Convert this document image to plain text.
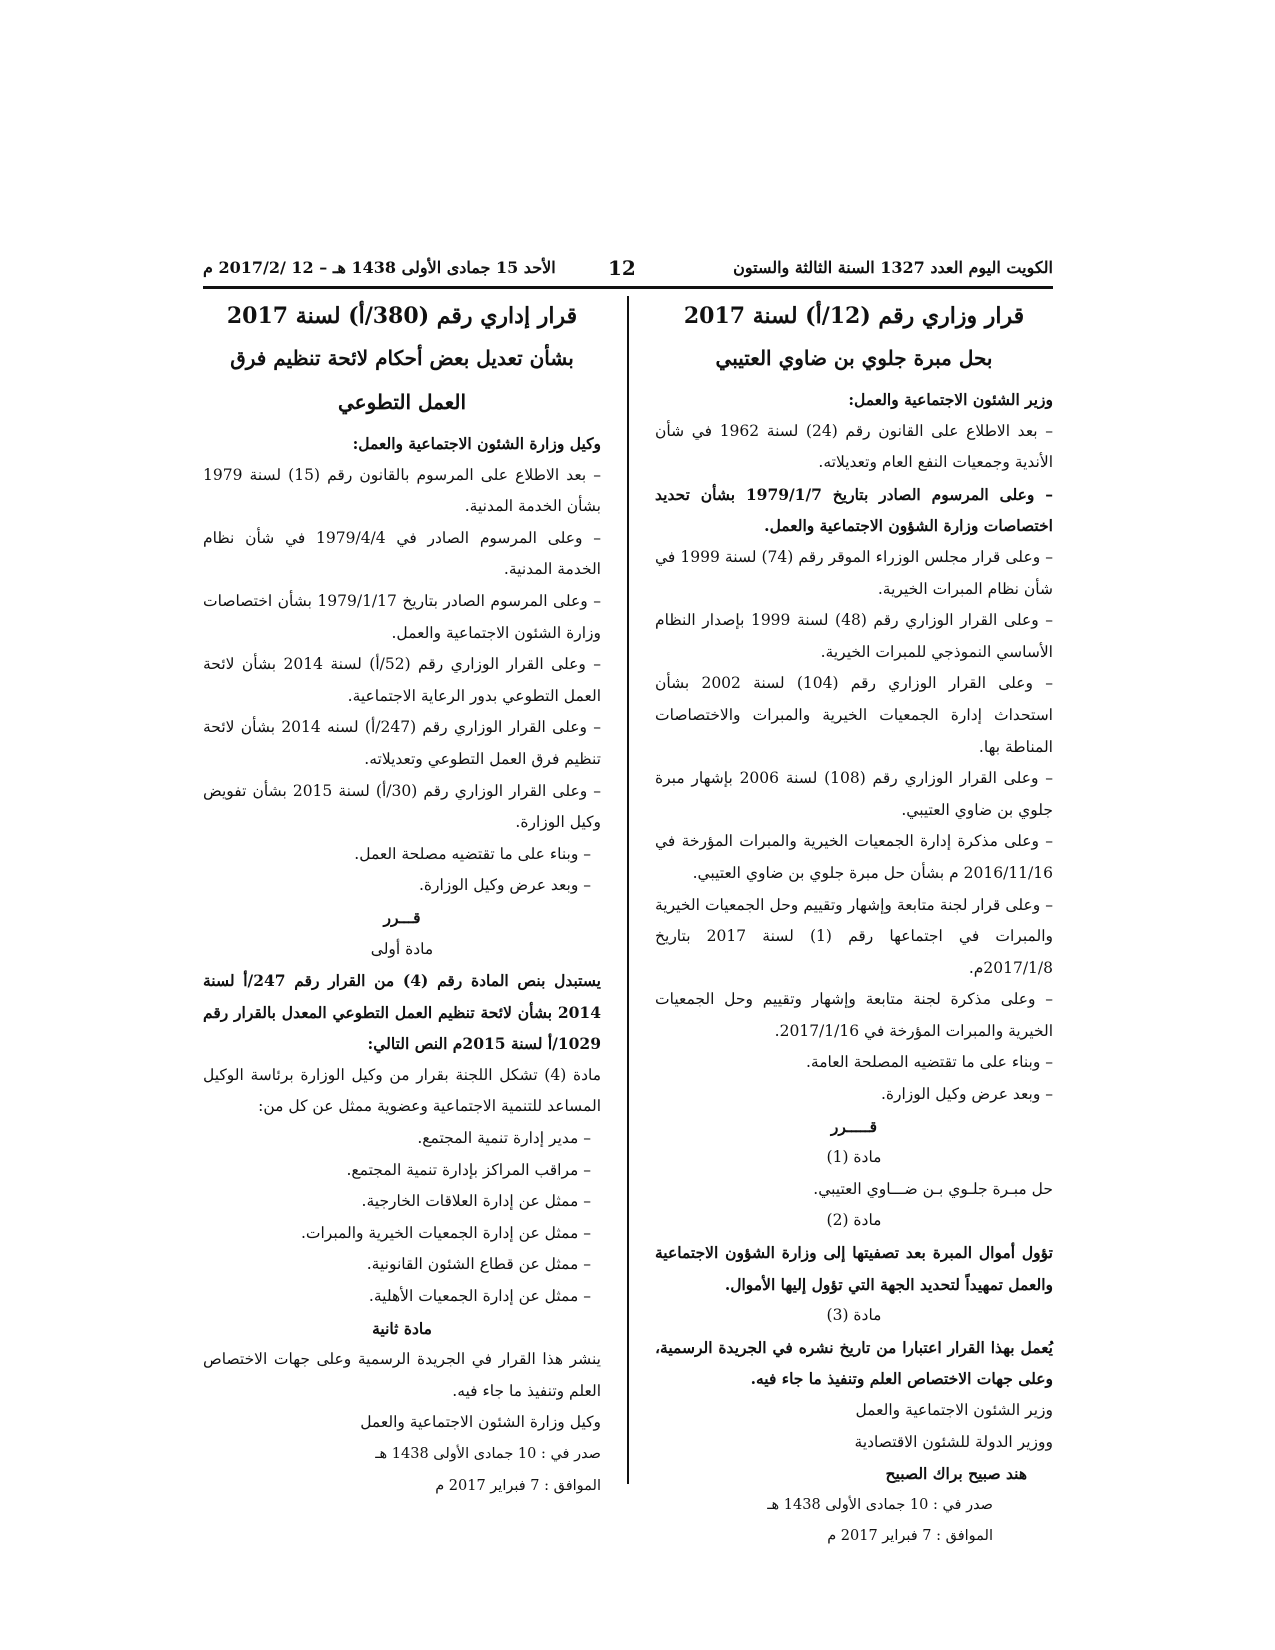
الكويت اليوم العدد 1327 السنة الثالثة والستون
12
الأحد 15 جمادى الأولى 1438 هـ – 12 /2017/2 م

قرار وزاري رقم (12/أ) لسنة 2017

بحل مبرة جلوي بن ضاوي العتيبي

وزير الشئون الاجتماعية والعمل:

– بعد الاطلاع على القانون رقم (24) لسنة 1962 في شأن الأندية وجمعيات النفع العام وتعديلاته.

– وعلى المرسوم الصادر بتاريخ 1979/1/7 بشأن تحديد اختصاصات وزارة الشؤون الاجتماعية والعمل.

– وعلى قرار مجلس الوزراء الموقر رقم (74) لسنة 1999 في شأن نظام المبرات الخيرية.

– وعلى القرار الوزاري رقم (48) لسنة 1999 بإصدار النظام الأساسي النموذجي للمبرات الخيرية.

– وعلى القرار الوزاري رقم (104) لسنة 2002 بشأن استحداث إدارة الجمعيات الخيرية والمبرات والاختصاصات المناطة بها.

– وعلى القرار الوزاري رقم (108) لسنة 2006 بإشهار مبرة جلوي بن ضاوي العتيبي.

– وعلى مذكرة إدارة الجمعيات الخيرية والمبرات المؤرخة في 2016/11/16 م بشأن حل مبرة جلوي بن ضاوي العتيبي.

– وعلى قرار لجنة متابعة وإشهار وتقييم وحل الجمعيات الخيرية والمبرات في اجتماعها رقم (1) لسنة 2017 بتاريخ 2017/1/8م.

– وعلى مذكرة لجنة متابعة وإشهار وتقييم وحل الجمعيات الخيرية والمبرات المؤرخة في 2017/1/16.

– وبناء على ما تقتضيه المصلحة العامة.

– وبعد عرض وكيل الوزارة.

قـــــرر

مادة (1)

حل مبـرة جلـوي بـن ضـــاوي العتيبي.

مادة (2)

تؤول أموال المبرة بعد تصفيتها إلى وزارة الشؤون الاجتماعية والعمل تمهيداً لتحديد الجهة التي تؤول إليها الأموال.

مادة (3)

يُعمل بهذا القرار اعتبارا من تاريخ نشره في الجريدة الرسمية، وعلى جهات الاختصاص العلم وتنفيذ ما جاء فيه.

وزير الشئون الاجتماعية والعمل

ووزير الدولة للشئون الاقتصادية

هند صبيح براك الصبيح

صدر في : 10 جمادى الأولى 1438 هـ

الموافق : 7 فبراير 2017 م

قرار إداري رقم (380/أ) لسنة 2017

بشأن تعديل بعض أحكام لائحة تنظيم فرق العمل التطوعي

وكيل وزارة الشئون الاجتماعية والعمل:

– بعد الاطلاع على المرسوم بالقانون رقم (15) لسنة 1979 بشأن الخدمة المدنية.

– وعلى المرسوم الصادر في 1979/4/4 في شأن نظام الخدمة المدنية.

– وعلى المرسوم الصادر بتاريخ 1979/1/17 بشأن اختصاصات وزارة الشئون الاجتماعية والعمل.

– وعلى القرار الوزاري رقم (52/أ) لسنة 2014 بشأن لائحة العمل التطوعي بدور الرعاية الاجتماعية.

– وعلى القرار الوزاري رقم (247/أ) لسنه 2014 بشأن لائحة تنظيم فرق العمل التطوعي وتعديلاته.

– وعلى القرار الوزاري رقم (30/أ) لسنة 2015 بشأن تفويض وكيل الوزارة.

– وبناء على ما تقتضيه مصلحة العمل.

– وبعد عرض وكيل الوزارة.

قـــرر

مادة أولى

يستبدل بنص المادة رقم (4) من القرار رقم 247/أ لسنة 2014 بشأن لائحة تنظيم العمل التطوعي المعدل بالقرار رقم 1029/أ لسنة 2015م النص التالي:

مادة (4) تشكل اللجنة بقرار من وكيل الوزارة برئاسة الوكيل المساعد للتنمية الاجتماعية وعضوية ممثل عن كل من:

– مدير إدارة تنمية المجتمع.

– مراقب المراكز بإدارة تنمية المجتمع.

– ممثل عن إدارة العلاقات الخارجية.

– ممثل عن إدارة الجمعيات الخيرية والمبرات.

– ممثل عن قطاع الشئون القانونية.

– ممثل عن إدارة الجمعيات الأهلية.

مادة ثانية

ينشر هذا القرار في الجريدة الرسمية وعلى جهات الاختصاص العلم وتنفيذ ما جاء فيه.

وكيل وزارة الشئون الاجتماعية والعمل

صدر في : 10 جمادى الأولى 1438 هـ

الموافق : 7 فبراير 2017 م
